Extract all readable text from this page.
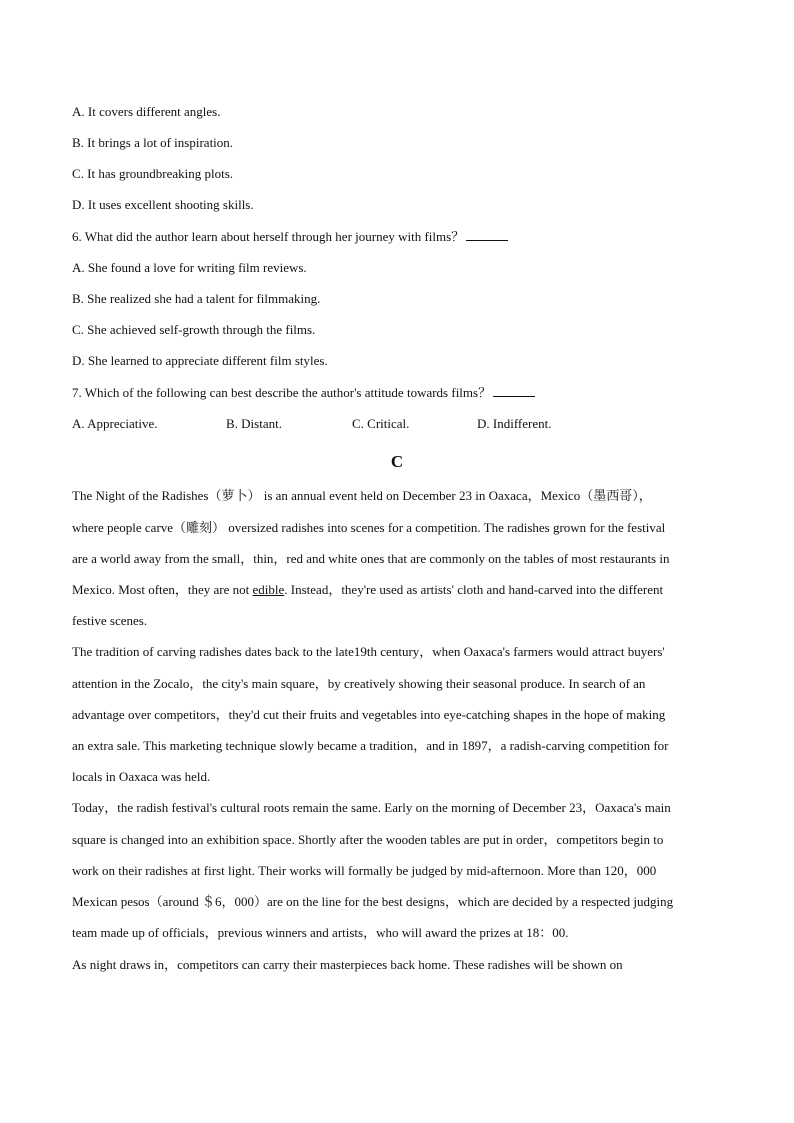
A. It covers different angles.
B. It brings a lot of inspiration.
C. It has groundbreaking plots.
D. It uses excellent shooting skills.
6. What did the author learn about herself through her journey with films？
A. She found a love for writing film reviews.
B. She realized she had a talent for filmmaking.
C. She achieved self-growth through the films.
D. She learned to appreciate different film styles.
7. Which of the following can best describe the author's attitude towards films？
A. Appreciative.	B. Distant.	C. Critical.	D. Indifferent.
C
The Night of the Radishes（萝卜） is an annual event held on December 23 in Oaxaca，Mexico（墨西哥），
where people carve（雕刻） oversized radishes into scenes for a competition. The radishes grown for the festival
are a world away from the small，thin，red and white ones that are commonly on the tables of most restaurants in
Mexico. Most often，they are not edible. Instead，they're used as artists' cloth and hand-carved into the different
festive scenes.
The tradition of carving radishes dates back to the late19th century，when Oaxaca's farmers would attract buyers'
attention in the Zocalo，the city's main square，by creatively showing their seasonal produce. In search of an
advantage over competitors，they'd cut their fruits and vegetables into eye-catching shapes in the hope of making
an extra sale. This marketing technique slowly became a tradition，and in 1897，a radish-carving competition for
locals in Oaxaca was held.
Today，the radish festival's cultural roots remain the same. Early on the morning of December 23，Oaxaca's main
square is changed into an exhibition space. Shortly after the wooden tables are put in order，competitors begin to
work on their radishes at first light. Their works will formally be judged by mid-afternoon. More than 120，000
Mexican pesos（around ＄6，000）are on the line for the best designs，which are decided by a respected judging
team made up of officials，previous winners and artists，who will award the prizes at 18：00.
As night draws in，competitors can carry their masterpieces back home. These radishes will be shown on
